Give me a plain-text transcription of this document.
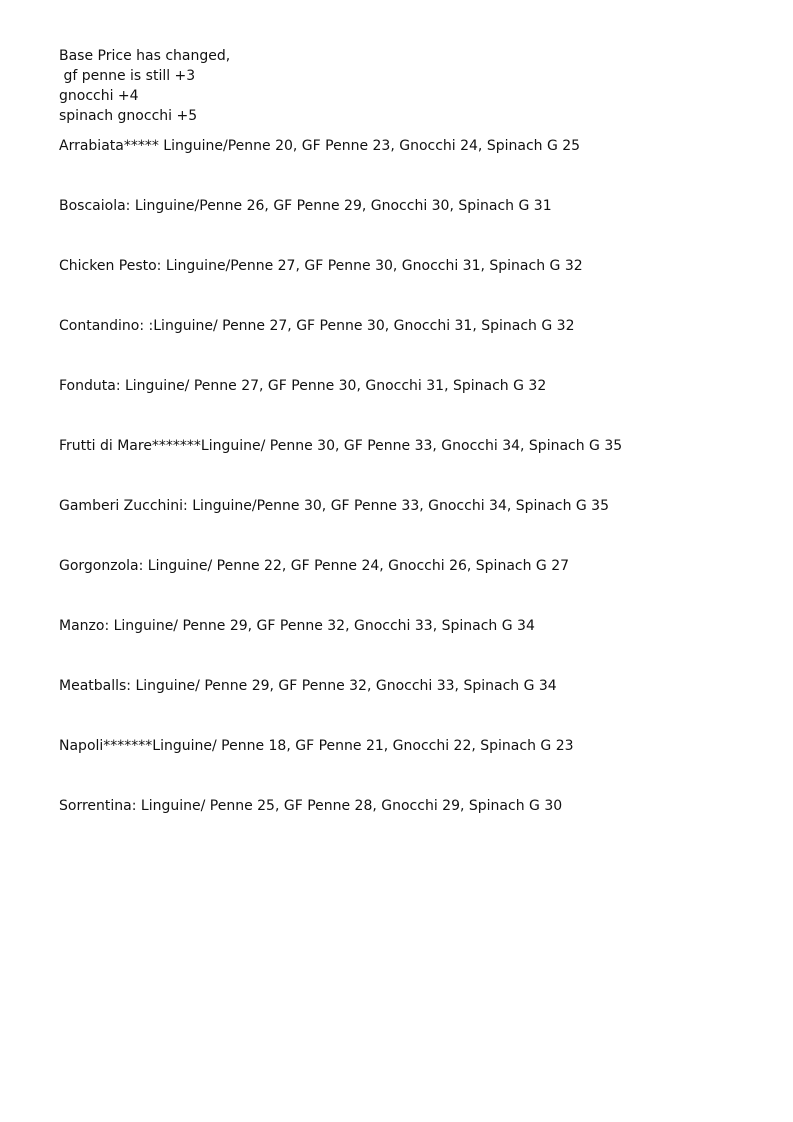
Base Price has changed,
gf penne is still +3
gnocchi +4
spinach gnocchi +5
Arrabiata***** Linguine/Penne 20, GF Penne 23, Gnocchi 24, Spinach G 25
Boscaiola: Linguine/Penne 26, GF Penne 29, Gnocchi 30, Spinach G 31
Chicken Pesto: Linguine/Penne 27, GF Penne 30, Gnocchi 31, Spinach G 32
Contandino: :Linguine/ Penne 27, GF Penne 30, Gnocchi 31, Spinach G 32
Fonduta: Linguine/ Penne 27, GF Penne 30, Gnocchi 31, Spinach G 32
Frutti di Mare*******Linguine/ Penne 30, GF Penne 33, Gnocchi 34, Spinach G 35
Gamberi Zucchini: Linguine/Penne 30, GF Penne 33, Gnocchi 34, Spinach G 35
Gorgonzola: Linguine/ Penne 22, GF Penne 24, Gnocchi 26, Spinach G 27
Manzo: Linguine/ Penne 29, GF Penne 32, Gnocchi 33, Spinach G 34
Meatballs: Linguine/ Penne 29, GF Penne 32, Gnocchi 33, Spinach G 34
Napoli*******Linguine/ Penne 18, GF Penne 21, Gnocchi 22, Spinach G 23
Sorrentina: Linguine/ Penne 25, GF Penne 28, Gnocchi 29, Spinach G 30
